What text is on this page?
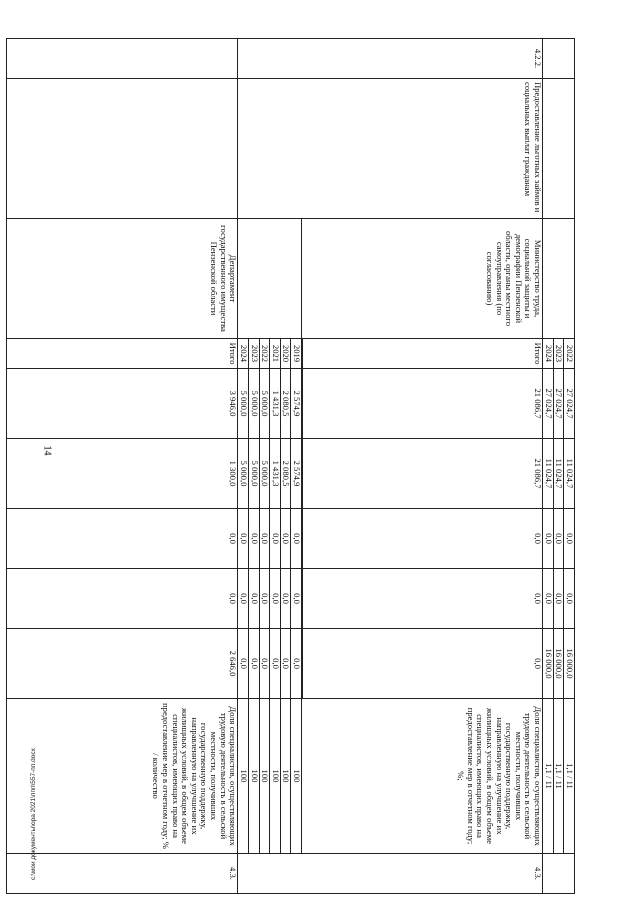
14
			2022	27 024,7	11 024,7	0,0	0,0	16 000,0	1,1 / 11	
			2023	27 024,7	11 024,7	0,0	0,0	16 000,0	1,1 / 11	
			2024	27 024,7	11 024,7	0,0	0,0	16 000,0	1,1 / 11	
4.2.2.	Предоставление льготных займов и социальных выплат гражданам	Министерство труда, социальной защиты и демографии Пензенской области, органы местного самоуправления (по согласованию)	Итого	21 086,7	21 086,7	0,0	0,0	0,0	Доля специалистов, осуществляющих трудовую деятельность в сельской местности, получивших государственную поддержку, направленную на улучшение их жилищных условий, в общем объеме специалистов, имеющих право на предоставление мер в отчетном году; %;	4.3.

			2019	2 574,9	2 574,9	0,0	0,0	0,0	100	
			2020	2 080,5	2 080,5	0,0	0,0	0,0	100	
			2021	1 431,3	1 431,3	0,0	0,0	0,0	100	
			2022	5 000,0	5 000,0	0,0	0,0	0,0	100	
			2023	5 000,0	5 000,0	0,0	0,0	0,0	100	
			2024	5 000,0	5 000,0	0,0	0,0	0,0	100	
		Департамент государственного имущества Пензенской области	Итого	3 946,0	1 300,0	0,0	0,0	2 646,0	Доля специалистов, осуществляющих трудовую деятельность в сельской местности, получивших государственную поддержку, направленную на улучшение их жилищных условий, в общем объеме специалистов, имеющих право на предоставление мер в отчетном году; % / количество	4.3.
c:\мои документы\ора 2021\ппп\557-пп.docx
